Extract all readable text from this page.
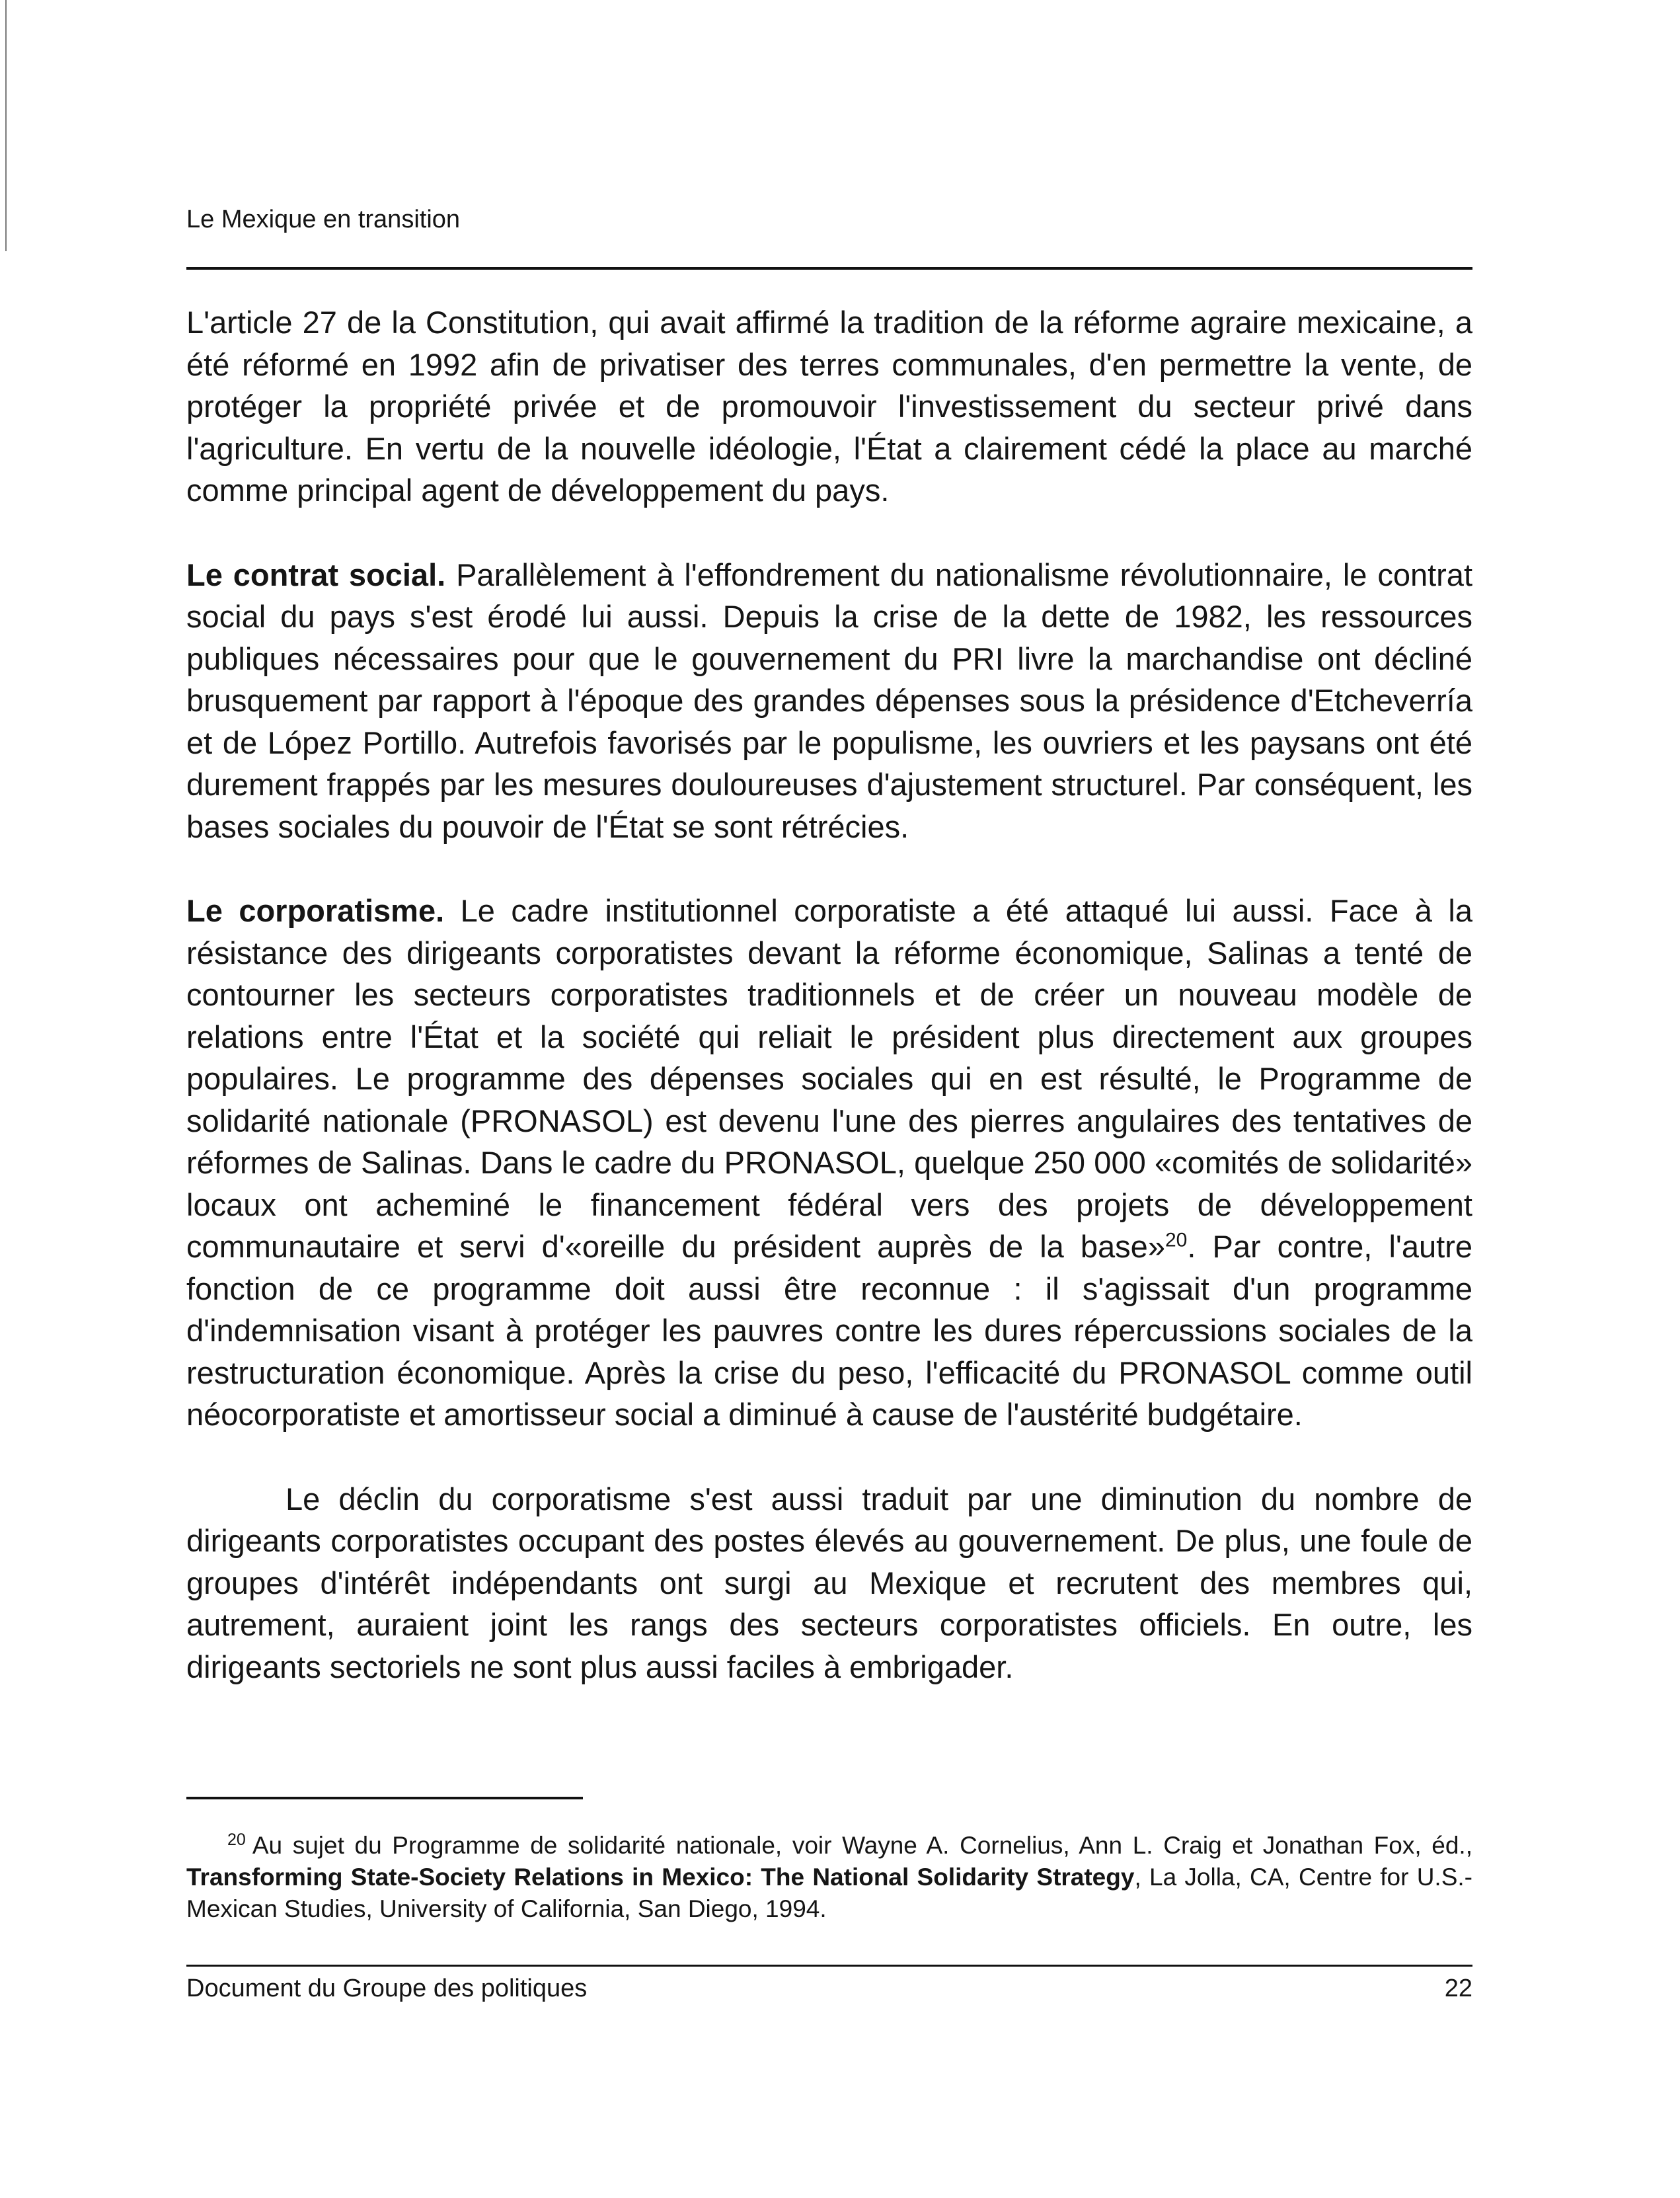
Le Mexique en transition

L'article 27 de la Constitution, qui avait affirmé la tradition de la réforme agraire mexicaine, a été réformé en 1992 afin de privatiser des terres communales, d'en permettre la vente, de protéger la propriété privée et de promouvoir l'investissement du secteur privé dans l'agriculture. En vertu de la nouvelle idéologie, l'État a clairement cédé la place au marché comme principal agent de développement du pays.

Le contrat social. Parallèlement à l'effondrement du nationalisme révolutionnaire, le contrat social du pays s'est érodé lui aussi. Depuis la crise de la dette de 1982, les ressources publiques nécessaires pour que le gouvernement du PRI livre la marchandise ont décliné brusquement par rapport à l'époque des grandes dépenses sous la présidence d'Etcheverría et de López Portillo. Autrefois favorisés par le populisme, les ouvriers et les paysans ont été durement frappés par les mesures douloureuses d'ajustement structurel. Par conséquent, les bases sociales du pouvoir de l'État se sont rétrécies.

Le corporatisme. Le cadre institutionnel corporatiste a été attaqué lui aussi. Face à la résistance des dirigeants corporatistes devant la réforme économique, Salinas a tenté de contourner les secteurs corporatistes traditionnels et de créer un nouveau modèle de relations entre l'État et la société qui reliait le président plus directement aux groupes populaires. Le programme des dépenses sociales qui en est résulté, le Programme de solidarité nationale (PRONASOL) est devenu l'une des pierres angulaires des tentatives de réformes de Salinas. Dans le cadre du PRONASOL, quelque 250 000 «comités de solidarité» locaux ont acheminé le financement fédéral vers des projets de développement communautaire et servi d'«oreille du président auprès de la base»$^{20}$. Par contre, l'autre fonction de ce programme doit aussi être reconnue : il s'agissait d'un programme d'indemnisation visant à protéger les pauvres contre les dures répercussions sociales de la restructuration économique. Après la crise du peso, l'efficacité du PRONASOL comme outil néocorporatiste et amortisseur social a diminué à cause de l'austérité budgétaire.

Le déclin du corporatisme s'est aussi traduit par une diminution du nombre de dirigeants corporatistes occupant des postes élevés au gouvernement. De plus, une foule de groupes d'intérêt indépendants ont surgi au Mexique et recrutent des membres qui, autrement, auraient joint les rangs des secteurs corporatistes officiels. En outre, les dirigeants sectoriels ne sont plus aussi faciles à embrigader.

$^{20}$ Au sujet du Programme de solidarité nationale, voir Wayne A. Cornelius, Ann L. Craig et Jonathan Fox, éd., Transforming State-Society Relations in Mexico: The National Solidarity Strategy, La Jolla, CA, Centre for U.S.-Mexican Studies, University of California, San Diego, 1994.
Document du Groupe des politiques	22
